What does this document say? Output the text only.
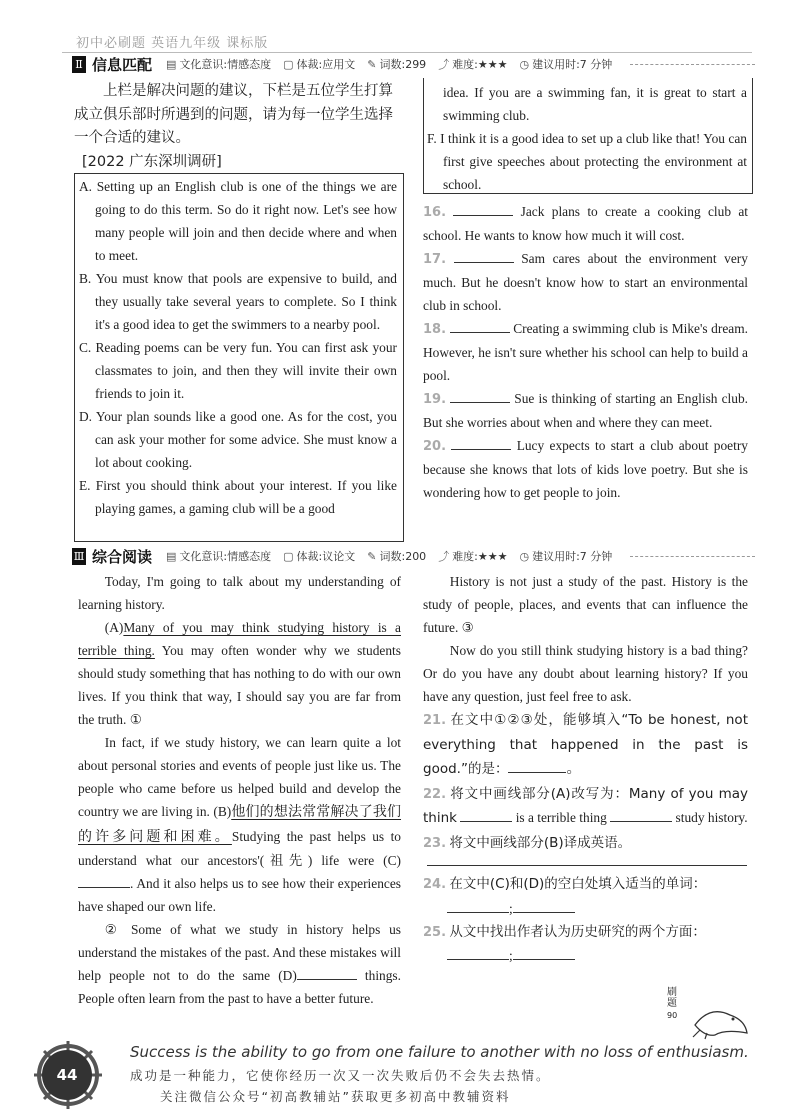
初中必刷题 英语九年级 课标版
Ⅱ 信息匹配 ▤ 文化意识:情感态度 ▢ 体裁:应用文 ✎ 词数:299 ⤴ 难度:★★★ ◷ 建议用时:7 分钟

上栏是解决问题的建议，下栏是五位学生打算成立俱乐部时所遇到的问题，请为每一位学生选择一个合适的建议。

[2022 广东深圳调研]

A. Setting up an English club is one of the things we are going to do this term. So do it right now. Let's see how many people will join and then decide where and when to meet.

B. You must know that pools are expensive to build, and they usually take several years to complete. So I think it's a good idea to get the swimmers to a nearby pool.

C. Reading poems can be very fun. You can first ask your classmates to join, and then they will invite their own friends to join it.

D. Your plan sounds like a good one. As for the cost, you can ask your mother for some advice. She must know a lot about cooking.

E. First you should think about your interest. If you like playing games, a gaming club will be a good

idea. If you are a swimming fan, it is great to start a swimming club.

F. I think it is a good idea to set up a club like that! You can first give speeches about protecting the environment at school.

16.	Jack plans to create a cooking club at school. He wants to know how much it will cost.

17.	Sam cares about the environment very much. But he doesn't know how to start an environmental club in school.

18.	Creating a swimming club is Mike's dream. However, he isn't sure whether his school can help to build a pool.

19.	Sue is thinking of starting an English club. But she worries about when and where they can meet.

20.	Lucy expects to start a club about poetry because she knows that lots of kids love poetry. But she is wondering how to get people to join.

Ⅲ 综合阅读 ▤ 文化意识:情感态度 ▢ 体裁:议论文 ✎ 词数:200 ⤴ 难度:★★★ ◷ 建议用时:7 分钟

Today, I'm going to talk about my understanding of learning history.

(A)Many of you may think studying history is a terrible thing. You may often wonder why we students should study something that has nothing to do with our own lives. If you think that way, I should say you are far from the truth. ①

In fact, if we study history, we can learn quite a lot about personal stories and events of people just like us. The people who came before us helped build and develop the country we are living in. (B)他们的想法常常解决了我们的许多问题和困难。Studying the past helps us to understand what our ancestors'(祖先) life were (C). And it also helps us to see how their experiences have shaped our own life.

② Some of what we study in history helps us understand the mistakes of the past. And these mistakes will help people not to do the same (D)	things. People often learn from the past to have a better future.

History is not just a study of the past. History is the study of people, places, and events that can influence the future. ③

Now do you still think studying history is a bad thing? Or do you have any doubt about learning history? If you have any question, just feel free to ask.

21. 在文中①②③处，能够填入“To be honest, not everything that happened in the past is good.”的是：	。

22. 将文中画线部分(A)改写为：Many of you may think	is a terrible thing	study history.

23. 将文中画线部分(B)译成英语。

24. 在文中(C)和(D)的空白处填入适当的单词：

;

25. 从文中找出作者认为历史研究的两个方面：

;

刷题
90
44
Success is the ability to go from one failure to another with no loss of enthusiasm.
成功是一种能力，它使你经历一次又一次失败后仍不会失去热情。
关注微信公众号“初高教辅站”获取更多初高中教辅资料
